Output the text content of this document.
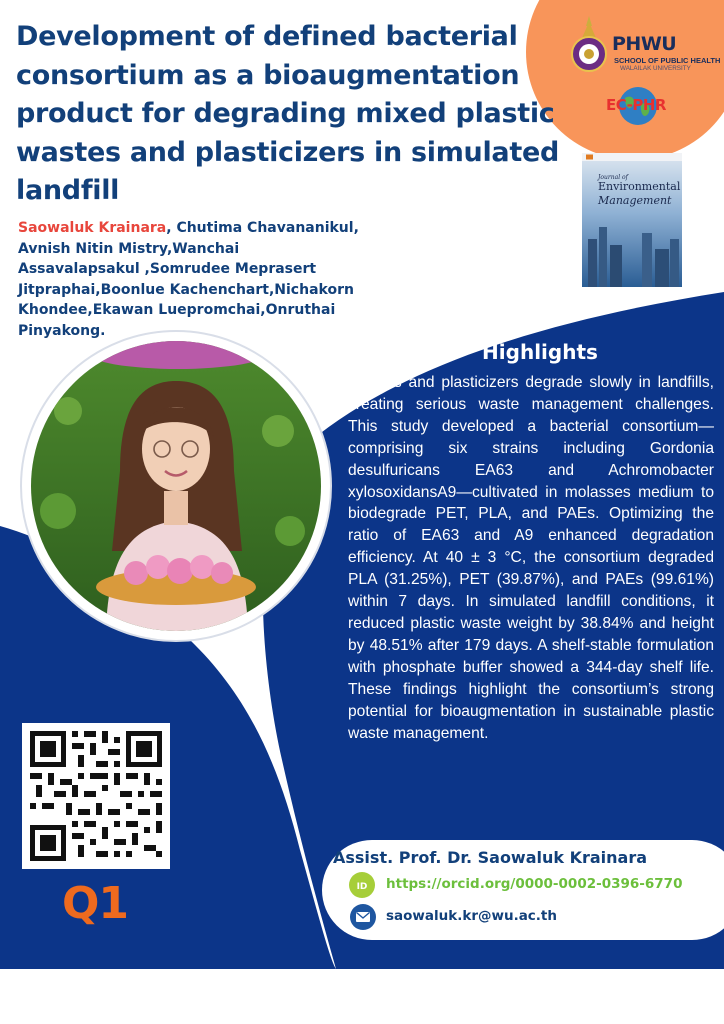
Development of defined bacterial consortium as a bioaugmentation product for degrading mixed plastic wastes and plasticizers in simulated landfill
Saowaluk Krainara, Chutima Chavananikul, Avnish Nitin Mistry,Wanchai Assavalapsakul ,Somrudee Meprasert Jitpraphai,Boonlue Kachenchart,Nichakorn Khondee,Ekawan Luepromchai,Onruthai Pinyakong.
PHWU
SCHOOL OF PUBLIC HEALTH
WALAILAK UNIVERSITY
EC-PHR
Journal of
Environmental
Management
Highlights
Plastics and plasticizers degrade slowly in landfills, creating serious waste management challenges. This study developed a bacterial consortium—comprising six strains including Gordonia desulfuricans EA63 and Achromobacter xylosoxidansA9—cultivated in molasses medium to biodegrade PET, PLA, and PAEs. Optimizing the ratio of EA63 and A9 enhanced degradation efficiency. At 40 ± 3 °C, the consortium degraded PLA (31.25%), PET (39.87%), and PAEs (99.61%) within 7 days. In simulated landfill conditions, it reduced plastic waste weight by 38.84% and height by 48.51% after 179 days. A shelf-stable formulation with phosphate buffer showed a 344-day shelf life. These findings highlight the consortium’s strong potential for bioaugmentation in sustainable plastic waste management.
Q1
Assist. Prof. Dr. Saowaluk Krainara
ID https://orcid.org/0000-0002-0396-6770
saowaluk.kr@wu.ac.th
